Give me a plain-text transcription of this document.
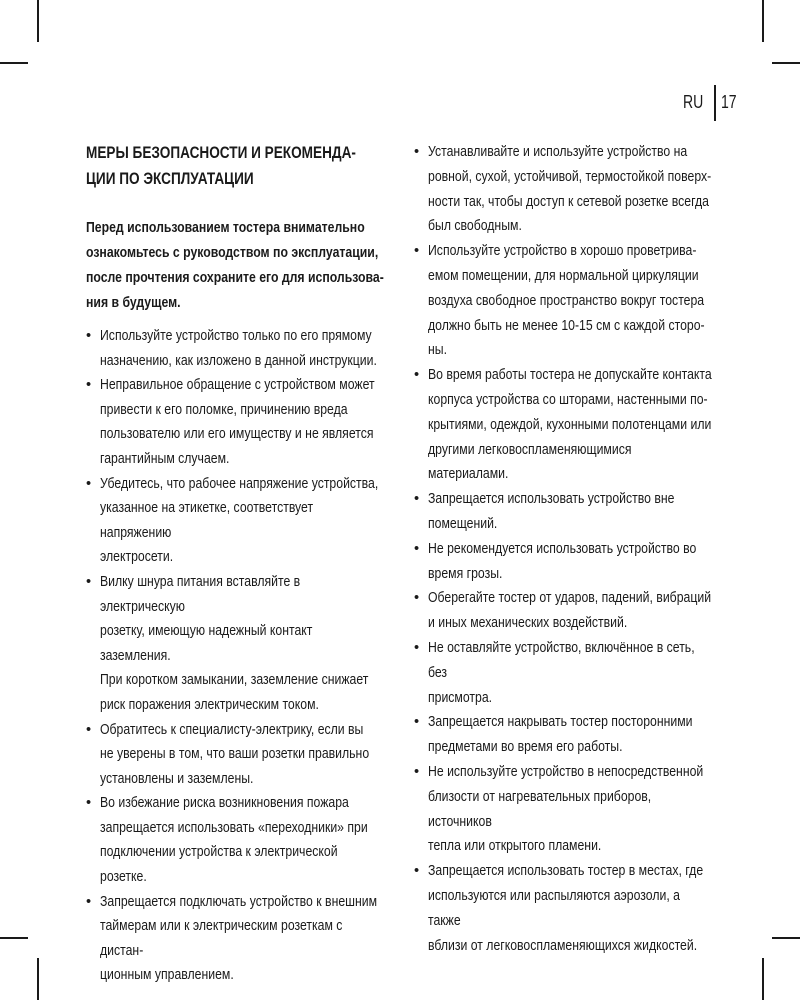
RU 17
МЕРЫ БЕЗОПАСНОСТИ И РЕКОМЕНДА-
ЦИИ ПО ЭКСПЛУАТАЦИИ

Перед использованием тостера внимательно
ознакомьтесь с руководством по эксплуатации,
после прочтения сохраните его для использова-
ния в будущем.

• Используйте устройство только по его прямому
назначению, как изложено в данной инструкции.
• Неправильное обращение с устройством может
привести к его поломке, причинению вреда
пользователю или его имуществу и не является
гарантийным случаем.
• Убедитесь, что рабочее напряжение устройства,
указанное на этикетке, соответствует напряжению
электросети.
• Вилку шнура питания вставляйте в электрическую
розетку, имеющую надежный контакт заземления.
При коротком замыкании, заземление снижает
риск поражения электрическим током.
• Обратитесь к специалисту-электрику, если вы
не уверены в том, что ваши розетки правильно
установлены и заземлены.
• Во избежание риска возникновения пожара
запрещается использовать «переходники» при
подключении устройства к электрической розетке.
• Запрещается подключать устройство к внешним
таймерам или к электрическим розеткам с дистан-
ционным управлением.
• Устанавливайте и используйте устройство на
ровной, сухой, устойчивой, термостойкой поверх-
ности так, чтобы доступ к сетевой розетке всегда
был свободным.
• Используйте устройство в хорошо проветрива-
емом помещении, для нормальной циркуляции
воздуха свободное пространство вокруг тостера
должно быть не менее 10-15 см с каждой сторо-
ны.
• Во время работы тостера не допускайте контакта
корпуса устройства со шторами, настенными по-
крытиями, одеждой, кухонными полотенцами или
другими легковоспламеняющимися материалами.
• Запрещается использовать устройство вне
помещений.
• Не рекомендуется использовать устройство во
время грозы.
• Оберегайте тостер от ударов, падений, вибраций
и иных механических воздействий.
• Не оставляйте устройство, включённое в сеть, без
присмотра.
• Запрещается накрывать тостер посторонними
предметами во время его работы.
• Не используйте устройство в непосредственной
близости от нагревательных приборов, источников
тепла или открытого пламени.
• Запрещается использовать тостер в местах, где
используются или распыляются аэрозоли, а также
вблизи от легковоспламеняющихся жидкостей.
